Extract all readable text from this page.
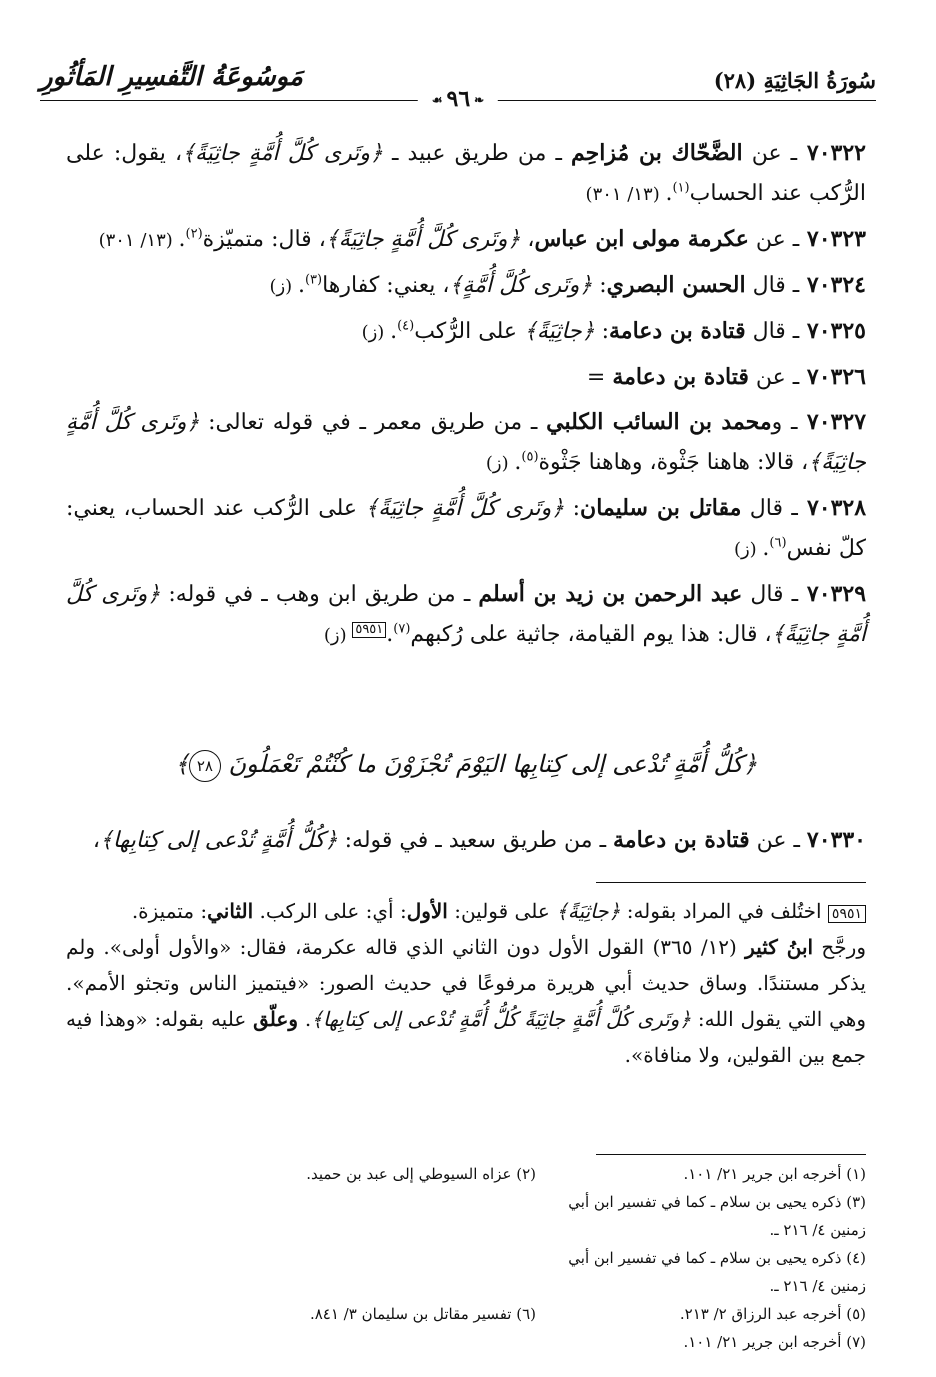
سُورَةُ الجَاثِيَةِ (٢٨)
مَوسُوعَةُ التَّفسِيرِ المَأثُورِ
❧٩٦☙
٧٠٣٢٢ ـ عن الضَّحّاك بن مُزاحِم ـ من طريق عبيد ـ ﴿وتَرى كُلَّ أُمَّةٍ جاثِيَةً﴾، يقول: على الرُّكب عند الحساب$^{(١)}$. (١٣/ ٣٠١)
٧٠٣٢٣ ـ عن عكرمة مولى ابن عباس، ﴿وتَرى كُلَّ أُمَّةٍ جاثِيَةً﴾، قال: متميّزة$^{(٢)}$. (١٣/ ٣٠١)
٧٠٣٢٤ ـ قال الحسن البصري: ﴿وتَرى كُلَّ أُمَّةٍ﴾، يعني: كفارها$^{(٣)}$. (ز)
٧٠٣٢٥ ـ قال قتادة بن دعامة: ﴿جاثِيَةً﴾ على الرُّكب$^{(٤)}$. (ز)
٧٠٣٢٦ ـ عن قتادة بن دعامة =
٧٠٣٢٧ ـ ومحمد بن السائب الكلبي ـ من طريق معمر ـ في قوله تعالى: ﴿وتَرى كُلَّ أُمَّةٍ جاثِيَةً﴾، قالا: هاهنا جَثْوة، وهاهنا جَثْوة$^{(٥)}$. (ز)
٧٠٣٢٨ ـ قال مقاتل بن سليمان: ﴿وتَرى كُلَّ أُمَّةٍ جاثِيَةً﴾ على الرُّكب عند الحساب، يعني: كلّ نفس$^{(٦)}$. (ز)
٧٠٣٢٩ ـ قال عبد الرحمن بن زيد بن أسلم ـ من طريق ابن وهب ـ في قوله: ﴿وتَرى كُلَّ أُمَّةٍ جاثِيَةً﴾، قال: هذا يوم القيامة، جاثية على رُكبهم$^{(٧)}$.٥٩٥١ (ز)
﴿كُلُّ أُمَّةٍ تُدْعى إلى كِتابِها اليَوْمَ تُجْزَوْنَ ما كُنْتُمْ تَعْمَلُونَ ٢٨﴾
٧٠٣٣٠ ـ عن قتادة بن دعامة ـ من طريق سعيد ـ في قوله: ﴿كُلُّ أُمَّةٍ تُدْعى إلى كِتابِها﴾،

٥٩٥١ اختُلف في المراد بقوله: ﴿جاثِيَةً﴾ على قولين: الأول: أي: على الركب. الثاني: متميزة.

ورجَّح ابنُ كثير (١٢/ ٣٦٥) القول الأول دون الثاني الذي قاله عكرمة، فقال: «والأول أولى». ولم يذكر مستندًا. وساق حديث أبي هريرة مرفوعًا في حديث الصور: «فيتميز الناس وتجثو الأمم». وهي التي يقول الله: ﴿وتَرى كُلَّ أُمَّةٍ جاثِيَةً كُلُّ أُمَّةٍ تُدْعى إلى كِتابِها﴾. وعلّق عليه بقوله: «وهذا فيه جمع بين القولين، ولا منافاة».

(١) أخرجه ابن جرير ٢١/ ١٠١.
(٢) عزاه السيوطي إلى عبد بن حميد.
(٣) ذكره يحيى بن سلام ـ كما في تفسير ابن أبي زمنين ٤/ ٢١٦ ـ.
(٤) ذكره يحيى بن سلام ـ كما في تفسير ابن أبي زمنين ٤/ ٢١٦ ـ.
(٥) أخرجه عبد الرزاق ٢/ ٢١٣.
(٦) تفسير مقاتل بن سليمان ٣/ ٨٤١.
(٧) أخرجه ابن جرير ٢١/ ١٠١.
